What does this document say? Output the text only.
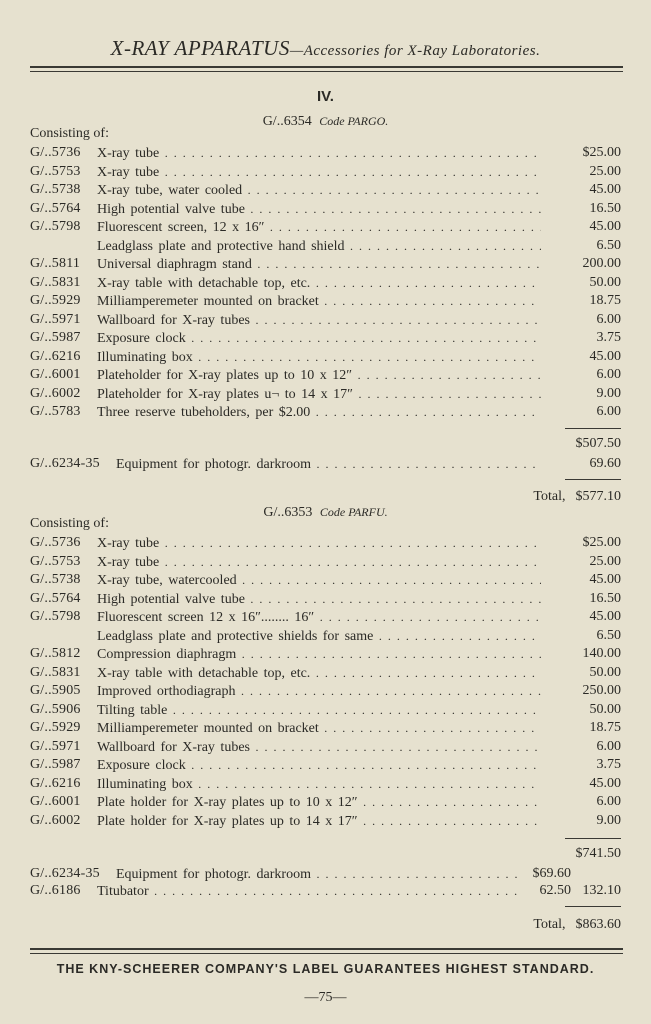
X-RAY APPARATUS—Accessories for X-Ray Laboratories.
IV.
G/..6354 Code PARGO.
Consisting of:
G/..5736 X-ray tube . . .	$25.00
G/..5753 X-ray tube . . .	25.00
G/..5738 X-ray tube, water cooled . . .	45.00
G/..5764 High potential valve tube . . .	16.50
G/..5798 Fluorescent screen, 12 x 16″ . . .	45.00
Leadglass plate and protective hand shield . . .	6.50
G/..5811 Universal diaphragm stand . . .	200.00
G/..5831 X-ray table with detachable top, etc. . . .	50.00
G/..5929 Milliamperemeter mounted on bracket . . .	18.75
G/..5971 Wallboard for X-ray tubes . . .	6.00
G/..5987 Exposure clock . . .	3.75
G/..6216 Illuminating box . . .	45.00
G/..6001 Plateholder for X-ray plates up to 10 x 12″ . . .	6.00
G/..6002 Plateholder for X-ray plates u¬ to 14 x 17″ . . .	9.00
G/..5783 Three reserve tubeholders, per $2.00 . . .	6.00
$507.50
G/..6234-35 Equipment for photogr. darkroom . . .	69.60
Total, $577.10
G/..6353 Code PARFU.
Consisting of:
G/..5736 X-ray tube . . .	$25.00
G/..5753 X-ray tube . . .	25.00
G/..5738 X-ray tube, watercooled . . .	45.00
G/..5764 High potential valve tube . . .	16.50
G/..5798 Fluorescent screen 12 x 16″........ 16″ . . .	45.00
Leadglass plate and protective shields for same . . .	6.50
G/..5812 Compression diaphragm . . .	140.00
G/..5831 X-ray table with detachable top, etc. . . .	50.00
G/..5905 Improved orthodiagraph . . .	250.00
G/..5906 Tilting table . . .	50.00
G/..5929 Milliamperemeter mounted on bracket . . .	18.75
G/..5971 Wallboard for X-ray tubes . . .	6.00
G/..5987 Exposure clock . . .	3.75
G/..6216 Illuminating box . . .	45.00
G/..6001 Plate holder for X-ray plates up to 10 x 12″ . . .	6.00
G/..6002 Plate holder for X-ray plates up to 14 x 17″ . . .	9.00
$741.50
G/..6234-35 Equipment for photogr. darkroom . . .	$69.60
G/..6186 Titubator . . .	62.50 132.10
Total, $863.60
THE KNY-SCHEERER COMPANY'S LABEL GUARANTEES HIGHEST STANDARD.
—75—
